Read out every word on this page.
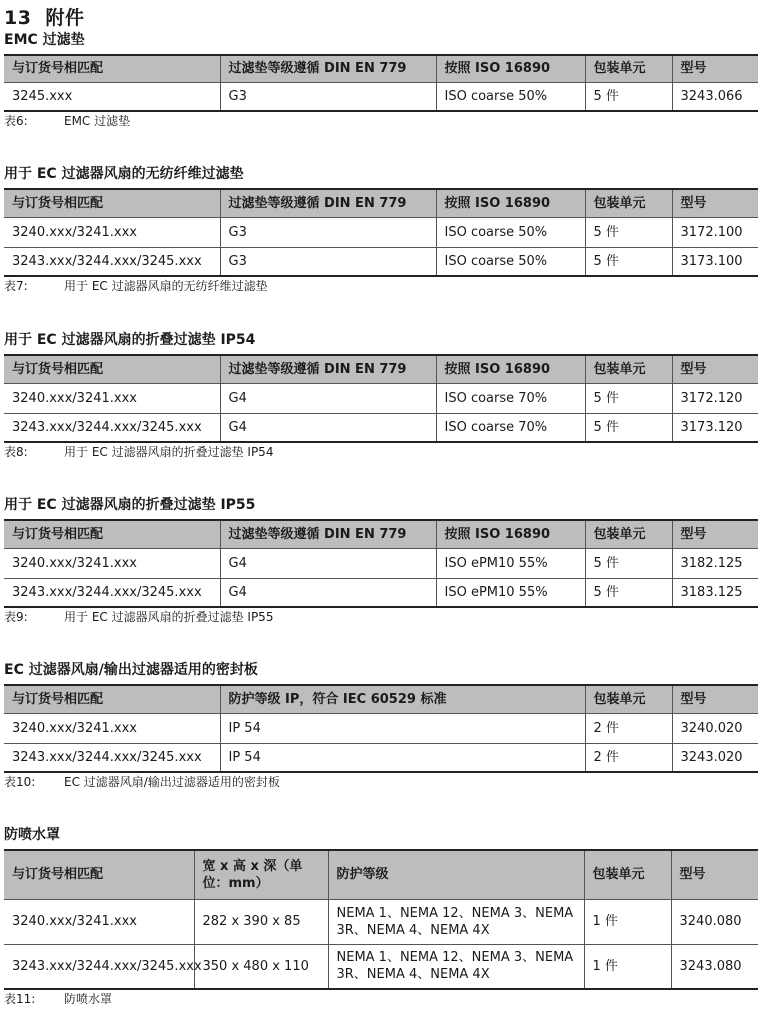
13 附件
EMC 过滤垫
与订货号相匹配	过滤垫等级遵循 DIN EN 779	按照 ISO 16890	包装单元	型号
3245.xxx	G3	ISO coarse 50%	5 件	3243.066

表6:	EMC 过滤垫

用于 EC 过滤器风扇的无纺纤维过滤垫
与订货号相匹配	过滤垫等级遵循 DIN EN 779	按照 ISO 16890	包装单元	型号
3240.xxx/3241.xxx	G3	ISO coarse 50%	5 件	3172.100
3243.xxx/3244.xxx/3245.xxx	G3	ISO coarse 50%	5 件	3173.100

表7:	用于 EC 过滤器风扇的无纺纤维过滤垫

用于 EC 过滤器风扇的折叠过滤垫 IP54
与订货号相匹配	过滤垫等级遵循 DIN EN 779	按照 ISO 16890	包装单元	型号
3240.xxx/3241.xxx	G4	ISO coarse 70%	5 件	3172.120
3243.xxx/3244.xxx/3245.xxx	G4	ISO coarse 70%	5 件	3173.120

表8:	用于 EC 过滤器风扇的折叠过滤垫 IP54

用于 EC 过滤器风扇的折叠过滤垫 IP55
与订货号相匹配	过滤垫等级遵循 DIN EN 779	按照 ISO 16890	包装单元	型号
3240.xxx/3241.xxx	G4	ISO ePM10 55%	5 件	3182.125
3243.xxx/3244.xxx/3245.xxx	G4	ISO ePM10 55%	5 件	3183.125

表9:	用于 EC 过滤器风扇的折叠过滤垫 IP55

EC 过滤器风扇/输出过滤器适用的密封板
与订货号相匹配	防护等级 IP，符合 IEC 60529 标准	包装单元	型号
3240.xxx/3241.xxx	IP 54	2 件	3240.020
3243.xxx/3244.xxx/3245.xxx	IP 54	2 件	3243.020

表10: EC 过滤器风扇/输出过滤器适用的密封板

防喷水罩
与订货号相匹配	宽 x 高 x 深（单位：mm）	防护等级	包装单元	型号
3240.xxx/3241.xxx	282 x 390 x 85	NEMA 1、NEMA 12、NEMA 3、NEMA 3R、NEMA 4、NEMA 4X	1 件	3240.080
3243.xxx/3244.xxx/3245.xxx	350 x 480 x 110	NEMA 1、NEMA 12、NEMA 3、NEMA 3R、NEMA 4、NEMA 4X	1 件	3243.080

表11: 防喷水罩
